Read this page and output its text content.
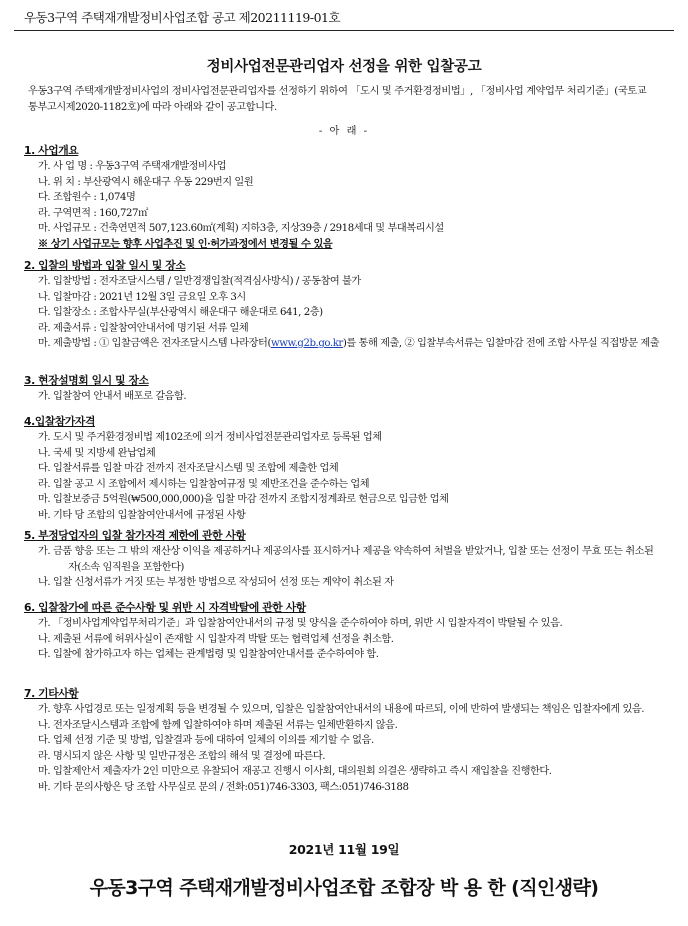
우동3구역 주택재개발정비사업조합 공고 제20211119-01호
정비사업전문관리업자 선정을 위한 입찰공고
우동3구역 주택재개발정비사업의 정비사업전문관리업자를 선정하기 위하여 「도시 및 주거환경정비법」, 「정비사업 계약업무 처리기준」(국토교통부고시제2020-1182호)에 따라 아래와 같이 공고합니다.
- 아 래 -
1. 사업개요
가. 사 업 명 : 우동3구역 주택재개발정비사업
나. 위 치 : 부산광역시 해운대구 우동 229번지 일원
다. 조합원수 : 1,074명
라. 구역면적 : 160,727㎡
마. 사업규모 : 건축연면적 507,123.60㎡(계획) 지하3층, 지상39층 / 2918세대 및 부대복리시설
※ 상기 사업규모는 향후 사업추진 및 인·허가과정에서 변경될 수 있음
2. 입찰의 방법과 입찰 일시 및 장소
가. 입찰방법 : 전자조달시스템 / 일반경쟁입찰(적격심사방식) / 공동참여 불가
나. 입찰마감 : 2021년 12월 3일 금요일 오후 3시
다. 입찰장소 : 조합사무실(부산광역시 해운대구 해운대로 641, 2층)
라. 제출서류 : 입찰참여안내서에 명기된 서류 일체
마. 제출방법 : ① 입찰금액은 전자조달시스템 나라장터(www.g2b.go.kr)를 통해 제출, ② 입찰부속서류는 입찰마감 전에 조합 사무실 직접방문 제출
3. 현장설명회 일시 및 장소
가. 입찰참여 안내서 배포로 갈음함.
4.입찰참가자격
가. 도시 및 주거환경정비법 제102조에 의거 정비사업전문관리업자로 등록된 업체
나. 국세 및 지방세 완납업체
다. 입찰서류를 입찰 마감 전까지 전자조달시스템 및 조합에 제출한 업체
라. 입찰 공고 시 조합에서 제시하는 입찰참여규정 및 제반조건을 준수하는 업체
마. 입찰보증금 5억원(₩500,000,000)을 입찰 마감 전까지 조합지정계좌로 현금으로 입금한 업체
바. 기타 당 조합의 입찰참여안내서에 규정된 사항
5. 부정당업자의 입찰 참가자격 제한에 관한 사항
가. 금품 향응 또는 그 밖의 재산상 이익을 제공하거나 제공의사를 표시하거나 제공을 약속하여 처벌을 받았거나, 입찰 또는 선정이 무효 또는 취소된 자(소속 임직원을 포함한다)
나. 입찰 신청서류가 거짓 또는 부정한 방법으로 작성되어 선정 또는 계약이 취소된 자
6. 입찰참가에 따른 준수사항 및 위반 시 자격박탈에 관한 사항
가. 「정비사업계약업무처리기준」과 입찰참여안내서의 규정 및 양식을 준수하여야 하며, 위반 시 입찰자격이 박탈될 수 있음.
나. 제출된 서류에 허위사실이 존재할 시 입찰자격 박탈 또는 협력업체 선정을 취소함.
다. 입찰에 참가하고자 하는 업체는 관계법령 및 입찰참여안내서를 준수하여야 함.
7. 기타사항
가. 향후 사업경로 또는 일정계획 등을 변경될 수 있으며, 입찰은 입찰참여안내서의 내용에 따르되, 이에 반하여 발생되는 책임은 입찰자에게 있음.
나. 전자조달시스템과 조합에 함께 입찰하여야 하며 제출된 서류는 일체반환하지 않음.
다. 업체 선정 기준 및 방법, 입찰결과 등에 대하여 일체의 이의를 제기할 수 없음.
라. 명시되지 않은 사항 및 일반규정은 조합의 해석 및 결정에 따른다.
마. 입찰제안서 제출자가 2인 미만으로 유찰되어 재공고 진행시 이사회, 대의원회 의결은 생략하고 즉시 재입찰을 진행한다.
바. 기타 문의사항은 당 조합 사무실로 문의 / 전화:051)746-3303, 팩스:051)746-3188
2021년 11월 19일
우동3구역 주택재개발정비사업조합 조합장 박 용 한 (직인생략)
